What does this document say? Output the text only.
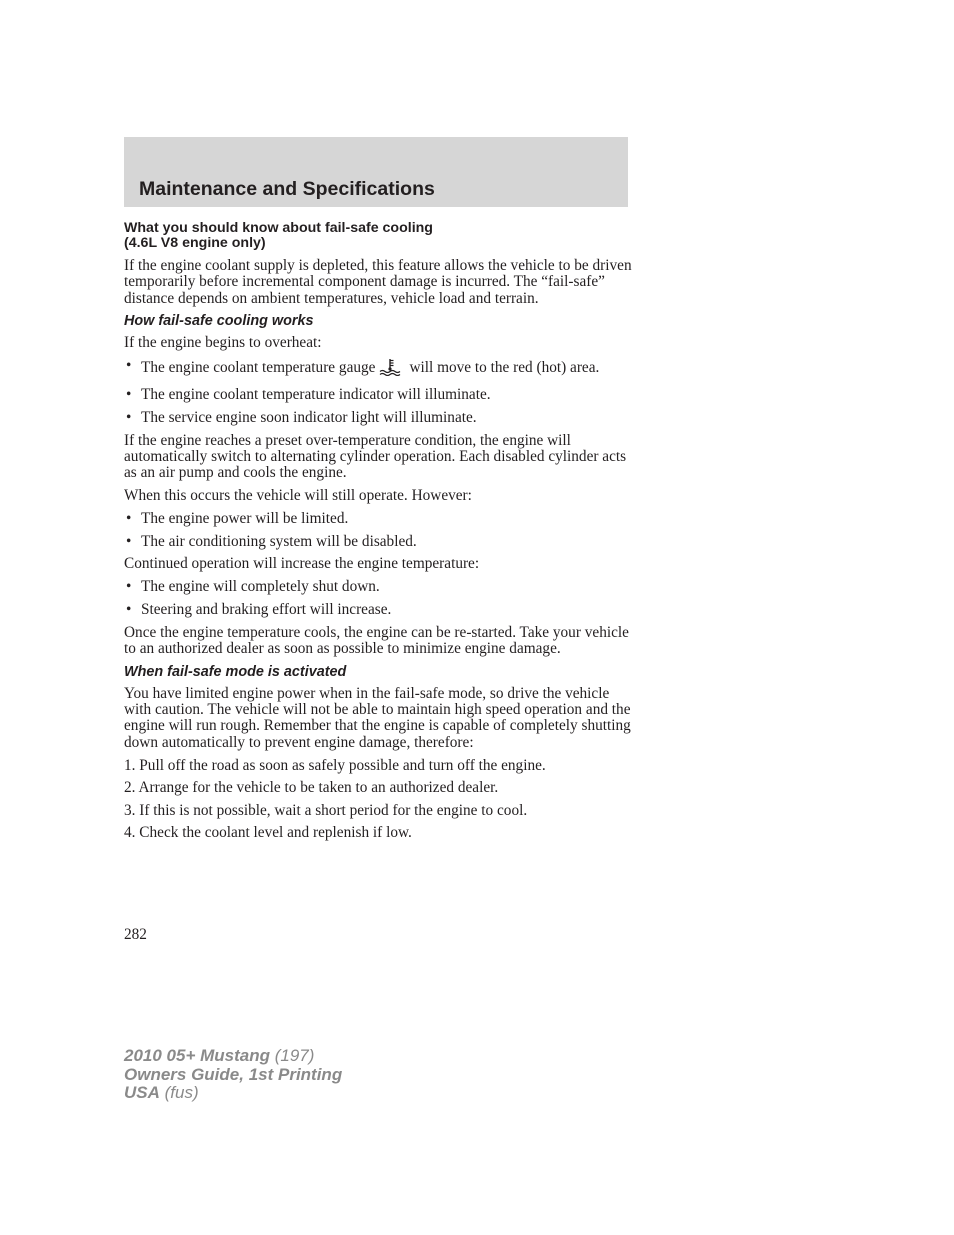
Maintenance and Specifications
What you should know about fail-safe cooling
(4.6L V8 engine only)

If the engine coolant supply is depleted, this feature allows the vehicle to be driven temporarily before incremental component damage is incurred. The “fail-safe” distance depends on ambient temperatures, vehicle load and terrain.

How fail-safe cooling works

If the engine begins to overheat:

• The engine coolant temperature gauge will move to the red (hot) area.
• The engine coolant temperature indicator will illuminate.
• The service engine soon indicator light will illuminate.

If the engine reaches a preset over-temperature condition, the engine will automatically switch to alternating cylinder operation. Each disabled cylinder acts as an air pump and cools the engine.

When this occurs the vehicle will still operate. However:

• The engine power will be limited.
• The air conditioning system will be disabled.

Continued operation will increase the engine temperature:

• The engine will completely shut down.
• Steering and braking effort will increase.

Once the engine temperature cools, the engine can be re-started. Take your vehicle to an authorized dealer as soon as possible to minimize engine damage.

When fail-safe mode is activated

You have limited engine power when in the fail-safe mode, so drive the vehicle with caution. The vehicle will not be able to maintain high speed operation and the engine will run rough. Remember that the engine is capable of completely shutting down automatically to prevent engine damage, therefore:

1. Pull off the road as soon as safely possible and turn off the engine.
2. Arrange for the vehicle to be taken to an authorized dealer.
3. If this is not possible, wait a short period for the engine to cool.
4. Check the coolant level and replenish if low.
282
2010 05+ Mustang (197)
Owners Guide, 1st Printing
USA (fus)
